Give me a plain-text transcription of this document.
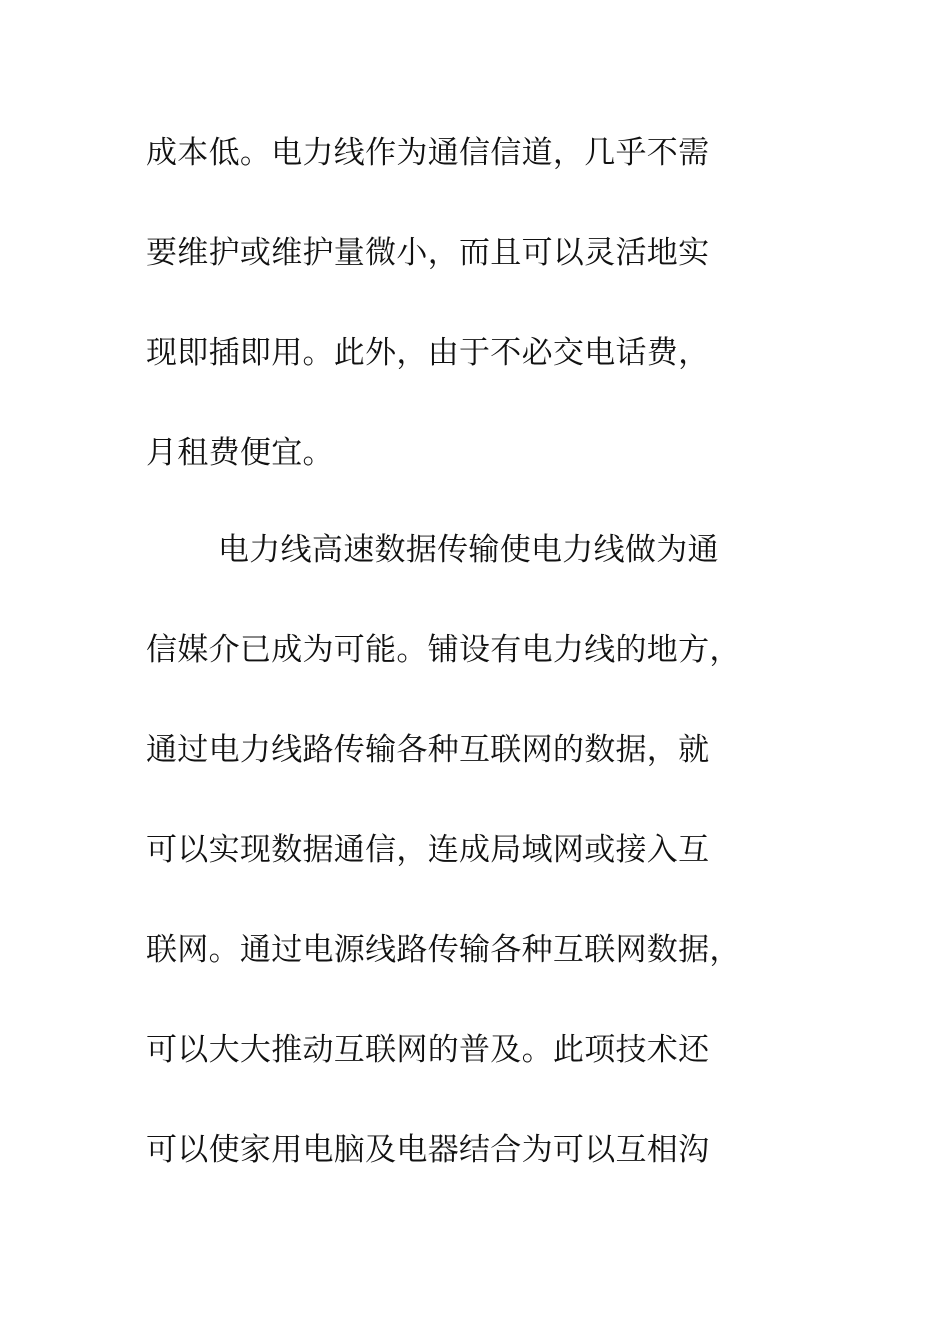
成本低。电力线作为通信信道，几乎不需
要维护或维护量微小，而且可以灵活地实
现即插即用。此外，由于不必交电话费，
月租费便宜。
电力线高速数据传输使电力线做为通
信媒介已成为可能。铺设有电力线的地方，
通过电力线路传输各种互联网的数据，就
可以实现数据通信，连成局域网或接入互
联网。通过电源线路传输各种互联网数据，
可以大大推动互联网的普及。此项技术还
可以使家用电脑及电器结合为可以互相沟
